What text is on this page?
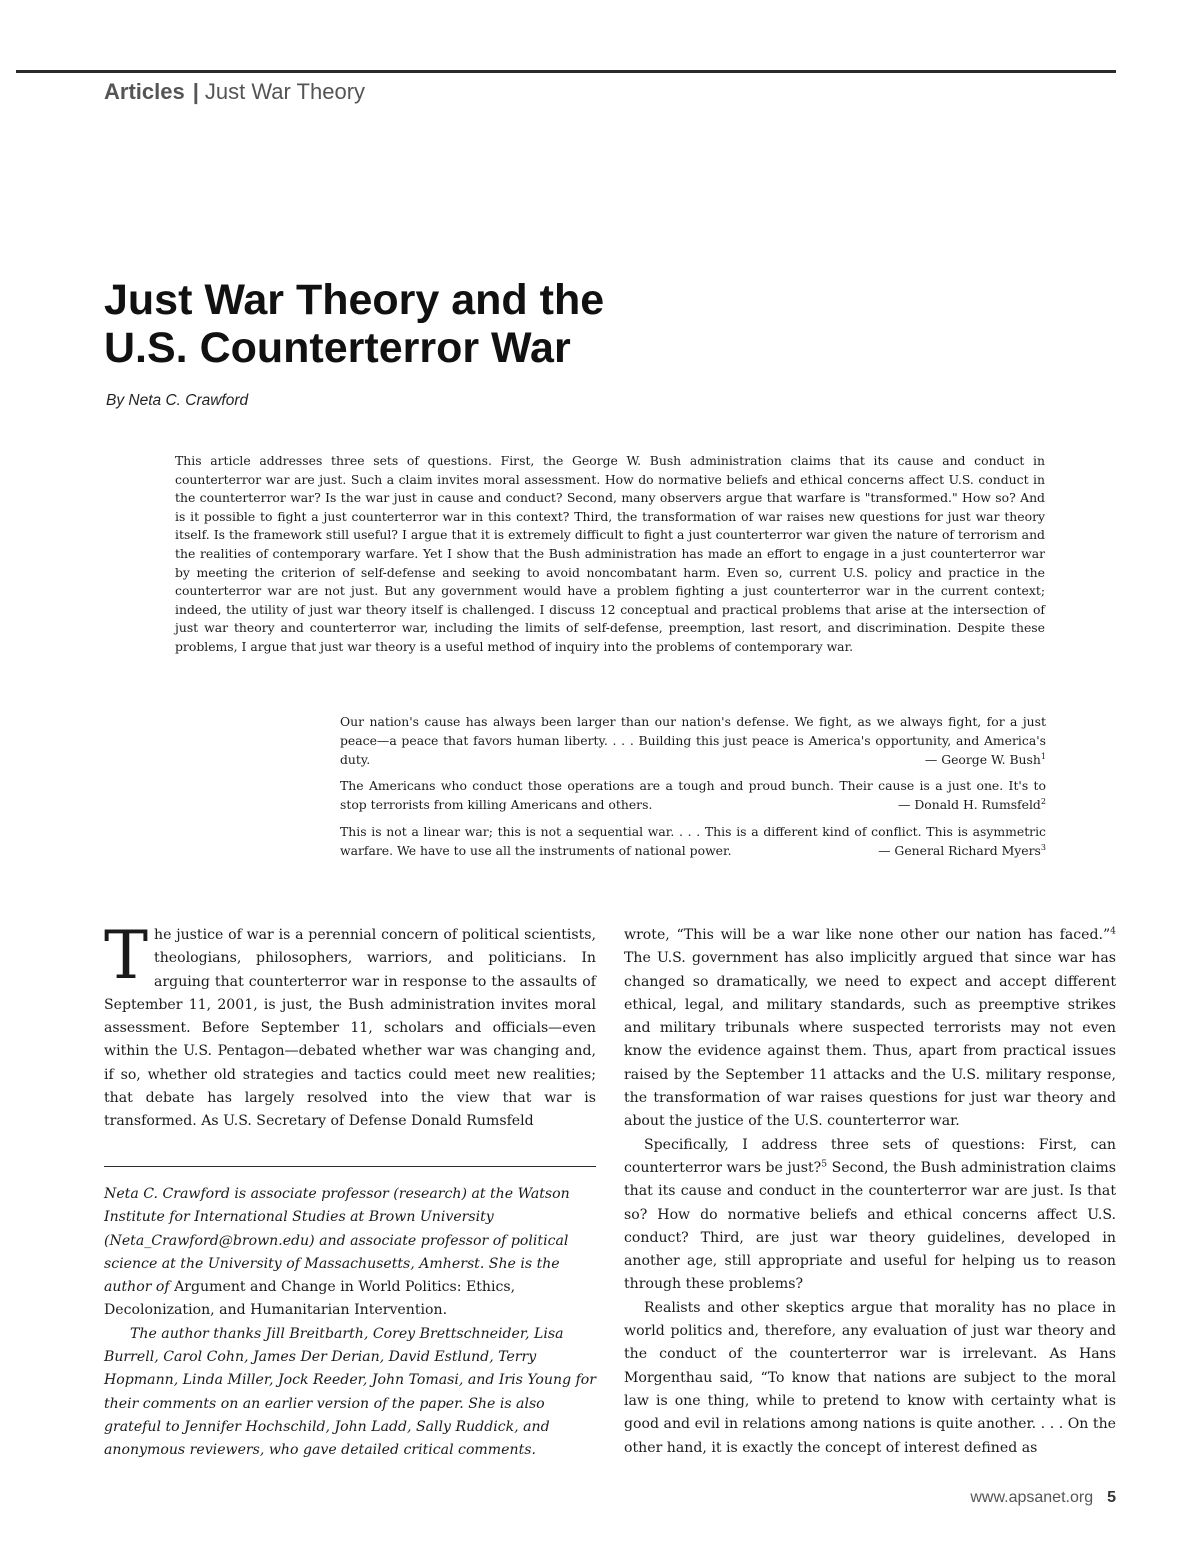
Articles | Just War Theory
Just War Theory and the
U.S. Counterterror War
By Neta C. Crawford

This article addresses three sets of questions. First, the George W. Bush administration claims that its cause and conduct in counterterror war are just. Such a claim invites moral assessment. How do normative beliefs and ethical concerns affect U.S. conduct in the counterterror war? Is the war just in cause and conduct? Second, many observers argue that warfare is "transformed." How so? And is it possible to fight a just counterterror war in this context? Third, the transformation of war raises new questions for just war theory itself. Is the framework still useful? I argue that it is extremely difficult to fight a just counterterror war given the nature of terrorism and the realities of contemporary warfare. Yet I show that the Bush administration has made an effort to engage in a just counterterror war by meeting the criterion of self-defense and seeking to avoid noncombatant harm. Even so, current U.S. policy and practice in the counterterror war are not just. But any government would have a problem fighting a just counterterror war in the current context; indeed, the utility of just war theory itself is challenged. I discuss 12 conceptual and practical problems that arise at the intersection of just war theory and counterterror war, including the limits of self-defense, preemption, last resort, and discrimination. Despite these problems, I argue that just war theory is a useful method of inquiry into the problems of contemporary war.

Our nation's cause has always been larger than our nation's defense. We fight, as we always fight, for a just peace—a peace that favors human liberty. . . . Building this just peace is America's opportunity, and America's duty.	— George W. Bush$^1$

The Americans who conduct those operations are a tough and proud bunch. Their cause is a just one. It's to stop terrorists from killing Americans and others.	— Donald H. Rumsfeld$^2$

This is not a linear war; this is not a sequential war. . . . This is a different kind of conflict. This is asymmetric warfare. We have to use all the instruments of national power.	— General Richard Myers$^3$

The justice of war is a perennial concern of political scientists, theologians, philosophers, warriors, and politicians. In arguing that counterterror war in response to the assaults of September 11, 2001, is just, the Bush administration invites moral assessment. Before September 11, scholars and officials—even within the U.S. Pentagon—debated whether war was changing and, if so, whether old strategies and tactics could meet new realities; that debate has largely resolved into the view that war is transformed. As U.S. Secretary of Defense Donald Rumsfeld

Neta C. Crawford is associate professor (research) at the Watson Institute for International Studies at Brown University (Neta_Crawford@brown.edu) and associate professor of political science at the University of Massachusetts, Amherst. She is the author of Argument and Change in World Politics: Ethics, Decolonization, and Humanitarian Intervention.

The author thanks Jill Breitbarth, Corey Brettschneider, Lisa Burrell, Carol Cohn, James Der Derian, David Estlund, Terry Hopmann, Linda Miller, Jock Reeder, John Tomasi, and Iris Young for their comments on an earlier version of the paper. She is also grateful to Jennifer Hochschild, John Ladd, Sally Ruddick, and anonymous reviewers, who gave detailed critical comments.

wrote, “This will be a war like none other our nation has faced.”$^4$ The U.S. government has also implicitly argued that since war has changed so dramatically, we need to expect and accept different ethical, legal, and military standards, such as preemptive strikes and military tribunals where suspected terrorists may not even know the evidence against them. Thus, apart from practical issues raised by the September 11 attacks and the U.S. military response, the transformation of war raises questions for just war theory and about the justice of the U.S. counterterror war.

Specifically, I address three sets of questions: First, can counterterror wars be just?$^5$ Second, the Bush administration claims that its cause and conduct in the counterterror war are just. Is that so? How do normative beliefs and ethical concerns affect U.S. conduct? Third, are just war theory guidelines, developed in another age, still appropriate and useful for helping us to reason through these problems?

Realists and other skeptics argue that morality has no place in world politics and, therefore, any evaluation of just war theory and the conduct of the counterterror war is irrelevant. As Hans Morgenthau said, “To know that nations are subject to the moral law is one thing, while to pretend to know with certainty what is good and evil in relations among nations is quite another. . . . On the other hand, it is exactly the concept of interest defined as

www.apsanet.org 5
